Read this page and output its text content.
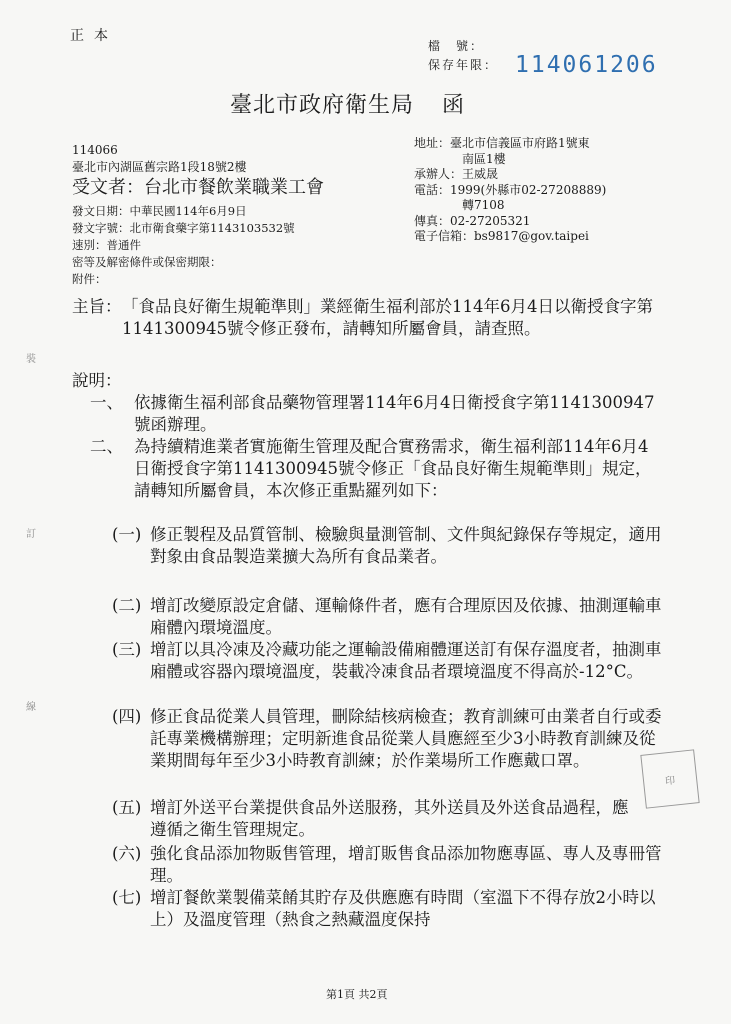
正本
檔　號：
保存年限： 114061206
臺北市政府衛生局 函
114066
臺北市內湖區舊宗路1段18號2樓
受文者：台北市餐飲業職業工會
地址：臺北市信義區市府路1號東
南區1樓
承辦人：王威晟
電話：1999(外縣市02-27208889)
轉7108
傳真：02-27205321
電子信箱：bs9817@gov.taipei
發文日期：中華民國114年6月9日
發文字號：北市衛食藥字第1143103532號
速別：普通件
密等及解密條件或保密期限：
附件：
主旨： 「食品良好衛生規範準則」業經衛生福利部於114年6月4日以衛授食字第1141300945號令修正發布，請轉知所屬會員，請查照。
說明：
一、 依據衛生福利部食品藥物管理署114年6月4日衛授食字第1141300947號函辦理。
二、 為持續精進業者實施衛生管理及配合實務需求，衛生福利部114年6月4日衛授食字第1141300945號令修正「食品良好衛生規範準則」規定，請轉知所屬會員，本次修正重點羅列如下：
(一) 修正製程及品質管制、檢驗與量測管制、文件與紀錄保存等規定，適用對象由食品製造業擴大為所有食品業者。
(二) 增訂改變原設定倉儲、運輸條件者，應有合理原因及依據、抽測運輸車廂體內環境溫度。
(三) 增訂以具冷凍及冷藏功能之運輸設備廂體運送訂有保存溫度者，抽測車廂體或容器內環境溫度，裝載冷凍食品者環境溫度不得高於-12°C。
(四) 修正食品從業人員管理，刪除結核病檢查；教育訓練可由業者自行或委託專業機構辦理；定明新進食品從業人員應經至少3小時教育訓練及從業期間每年至少3小時教育訓練；於作業場所工作應戴口罩。
(五) 增訂外送平台業提供食品外送服務，其外送員及外送食品過程，應遵循之衛生管理規定。
(六) 強化食品添加物販售管理，增訂販售食品添加物應專區、專人及專冊管理。
(七) 增訂餐飲業製備菜餚其貯存及供應應有時間（室溫下不得存放2小時以上）及溫度管理（熱食之熱藏溫度保持
裝
訂
線
印
第1頁 共2頁
